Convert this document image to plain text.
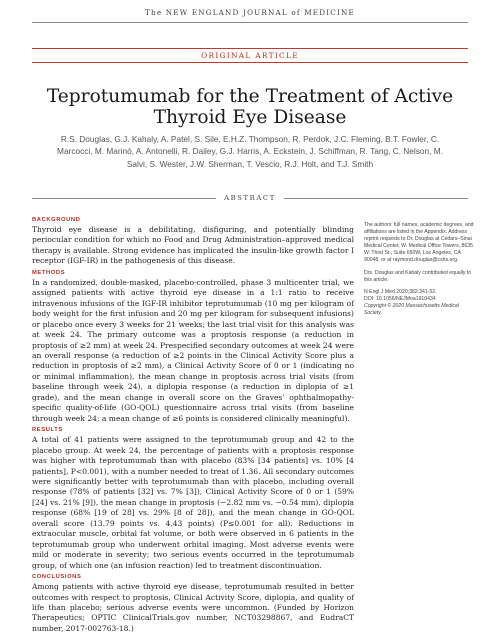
The NEW ENGLAND JOURNAL of MEDICINE
ORIGINAL ARTICLE
Teprotumumab for the Treatment of Active Thyroid Eye Disease
R.S. Douglas, G.J. Kahaly, A. Patel, S. Sile, E.H.Z. Thompson, R. Perdok, J.C. Fleming, B.T. Fowler, C. Marcocci, M. Marinò, A. Antonelli, R. Dailey, G.J. Harris, A. Eckstein, J. Schiffman, R. Tang, C. Nelson, M. Salvi, S. Wester, J.W. Sherman, T. Vescio, R.J. Holt, and T.J. Smith
ABSTRACT
BACKGROUND

Thyroid eye disease is a debilitating, disfiguring, and potentially blinding periocular condition for which no Food and Drug Administration–approved medical therapy is available. Strong evidence has implicated the insulin-like growth factor I receptor (IGF-IR) in the pathogenesis of this disease.

METHODS

In a randomized, double-masked, placebo-controlled, phase 3 multicenter trial, we assigned patients with active thyroid eye disease in a 1:1 ratio to receive intravenous infusions of the IGF-IR inhibitor teprotumumab (10 mg per kilogram of body weight for the first infusion and 20 mg per kilogram for subsequent infusions) or placebo once every 3 weeks for 21 weeks; the last trial visit for this analysis was at week 24. The primary outcome was a proptosis response (a reduction in proptosis of ≥2 mm) at week 24. Prespecified secondary outcomes at week 24 were an overall response (a reduction of ≥2 points in the Clinical Activity Score plus a reduction in proptosis of ≥2 mm), a Clinical Activity Score of 0 or 1 (indicating no or minimal inflammation), the mean change in proptosis across trial visits (from baseline through week 24), a diplopia response (a reduction in diplopia of ≥1 grade), and the mean change in overall score on the Graves’ ophthalmopathy-specific quality-of-life (GO-QOL) questionnaire across trial visits (from baseline through week 24; a mean change of ≥6 points is considered clinically meaningful).

RESULTS

A total of 41 patients were assigned to the teprotumumab group and 42 to the placebo group. At week 24, the percentage of patients with a proptosis response was higher with teprotumumab than with placebo (83% [34 patients] vs. 10% [4 patients], P<0.001), with a number needed to treat of 1.36. All secondary outcomes were significantly better with teprotumumab than with placebo, including overall response (78% of patients [32] vs. 7% [3]), Clinical Activity Score of 0 or 1 (59% [24] vs. 21% [9]), the mean change in proptosis (−2.82 mm vs. −0.54 mm), diplopia response (68% [19 of 28] vs. 29% [8 of 28]), and the mean change in GO-QOL overall score (13.79 points vs. 4.43 points) (P≤0.001 for all). Reductions in extraocular muscle, orbital fat volume, or both were observed in 6 patients in the teprotumumab group who underwent orbital imaging. Most adverse events were mild or moderate in severity; two serious events occurred in the teprotumumab group, of which one (an infusion reaction) led to treatment discontinuation.

CONCLUSIONS

Among patients with active thyroid eye disease, teprotumumab resulted in better outcomes with respect to proptosis, Clinical Activity Score, diplopia, and quality of life than placebo; serious adverse events were uncommon. (Funded by Horizon Therapeutics; OPTIC ClinicalTrials.gov number, NCT03298867, and EudraCT number, 2017-002763-18.)

The authors’ full names, academic degrees, and affiliations are listed in the Appendix. Address reprint requests to Dr. Douglas at Cedars–Sinai Medical Center, W. Medical Office Towers, 8635 W. Third St., Suite 650W, Los Angeles, CA 90048, or at raymond.douglas@cshs.org.

Drs. Douglas and Kahaly contributed equally to this article.

N Engl J Med 2020;382:341-52.

DOI: 10.1056/NEJMoa1910434

Copyright © 2020 Massachusetts Medical Society.
